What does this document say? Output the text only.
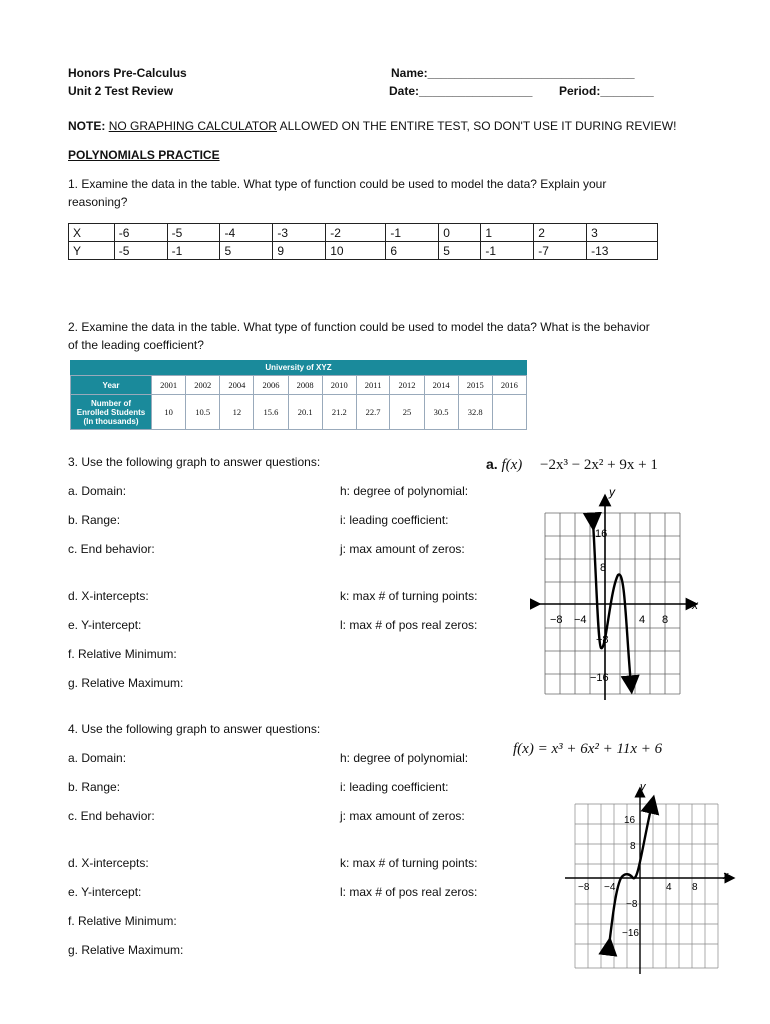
Honors Pre-Calculus
Unit 2 Test Review
Name:_______________________________
Date:_________________ Period:________
NOTE: NO GRAPHING CALCULATOR ALLOWED ON THE ENTIRE TEST, SO DON'T USE IT DURING REVIEW!
POLYNOMIALS PRACTICE
1. Examine the data in the table. What type of function could be used to model the data? Explain your
reasoning?
X	-6	-5	-4	-3	-2	-1	0	1	2	3
Y	-5	-1	5	9	10	6	5	-1	-7	-13
2. Examine the data in the table. What type of function could be used to model the data? What is the behavior
of the leading coefficient?
University of XYZ
Year	2001	2002	2004	2006	2008	2010	2011	2012	2014	2015	2016

Number of
Enrolled Students
(In thousands)	10	10.5	12	15.6	20.1	21.2	22.7	25	30.5	32.8	
3. Use the following graph to answer questions:
a. Domain:
b. Range:
c. End behavior:
d. X-intercepts:
e. Y-intercept:
f. Relative Minimum:
g. Relative Maximum:
h: degree of polynomial:
i: leading coefficient:
j: max amount of zeros:
k: max # of turning points:
l: max # of pos real zeros:
a. f(x) −2x³ − 2x² + 9x + 1
x
y
−8 −4	4 8
16
8
−8
−16
4. Use the following graph to answer questions:
a. Domain:
b. Range:
c. End behavior:
d. X-intercepts:
e. Y-intercept:
f. Relative Minimum:
g. Relative Maximum:
h: degree of polynomial:
i: leading coefficient:
j: max amount of zeros:
k: max # of turning points:
l: max # of pos real zeros:
f(x) = x³ + 6x² + 11x + 6
x
y
−8 −4	4 8
16
8
−8
−16
